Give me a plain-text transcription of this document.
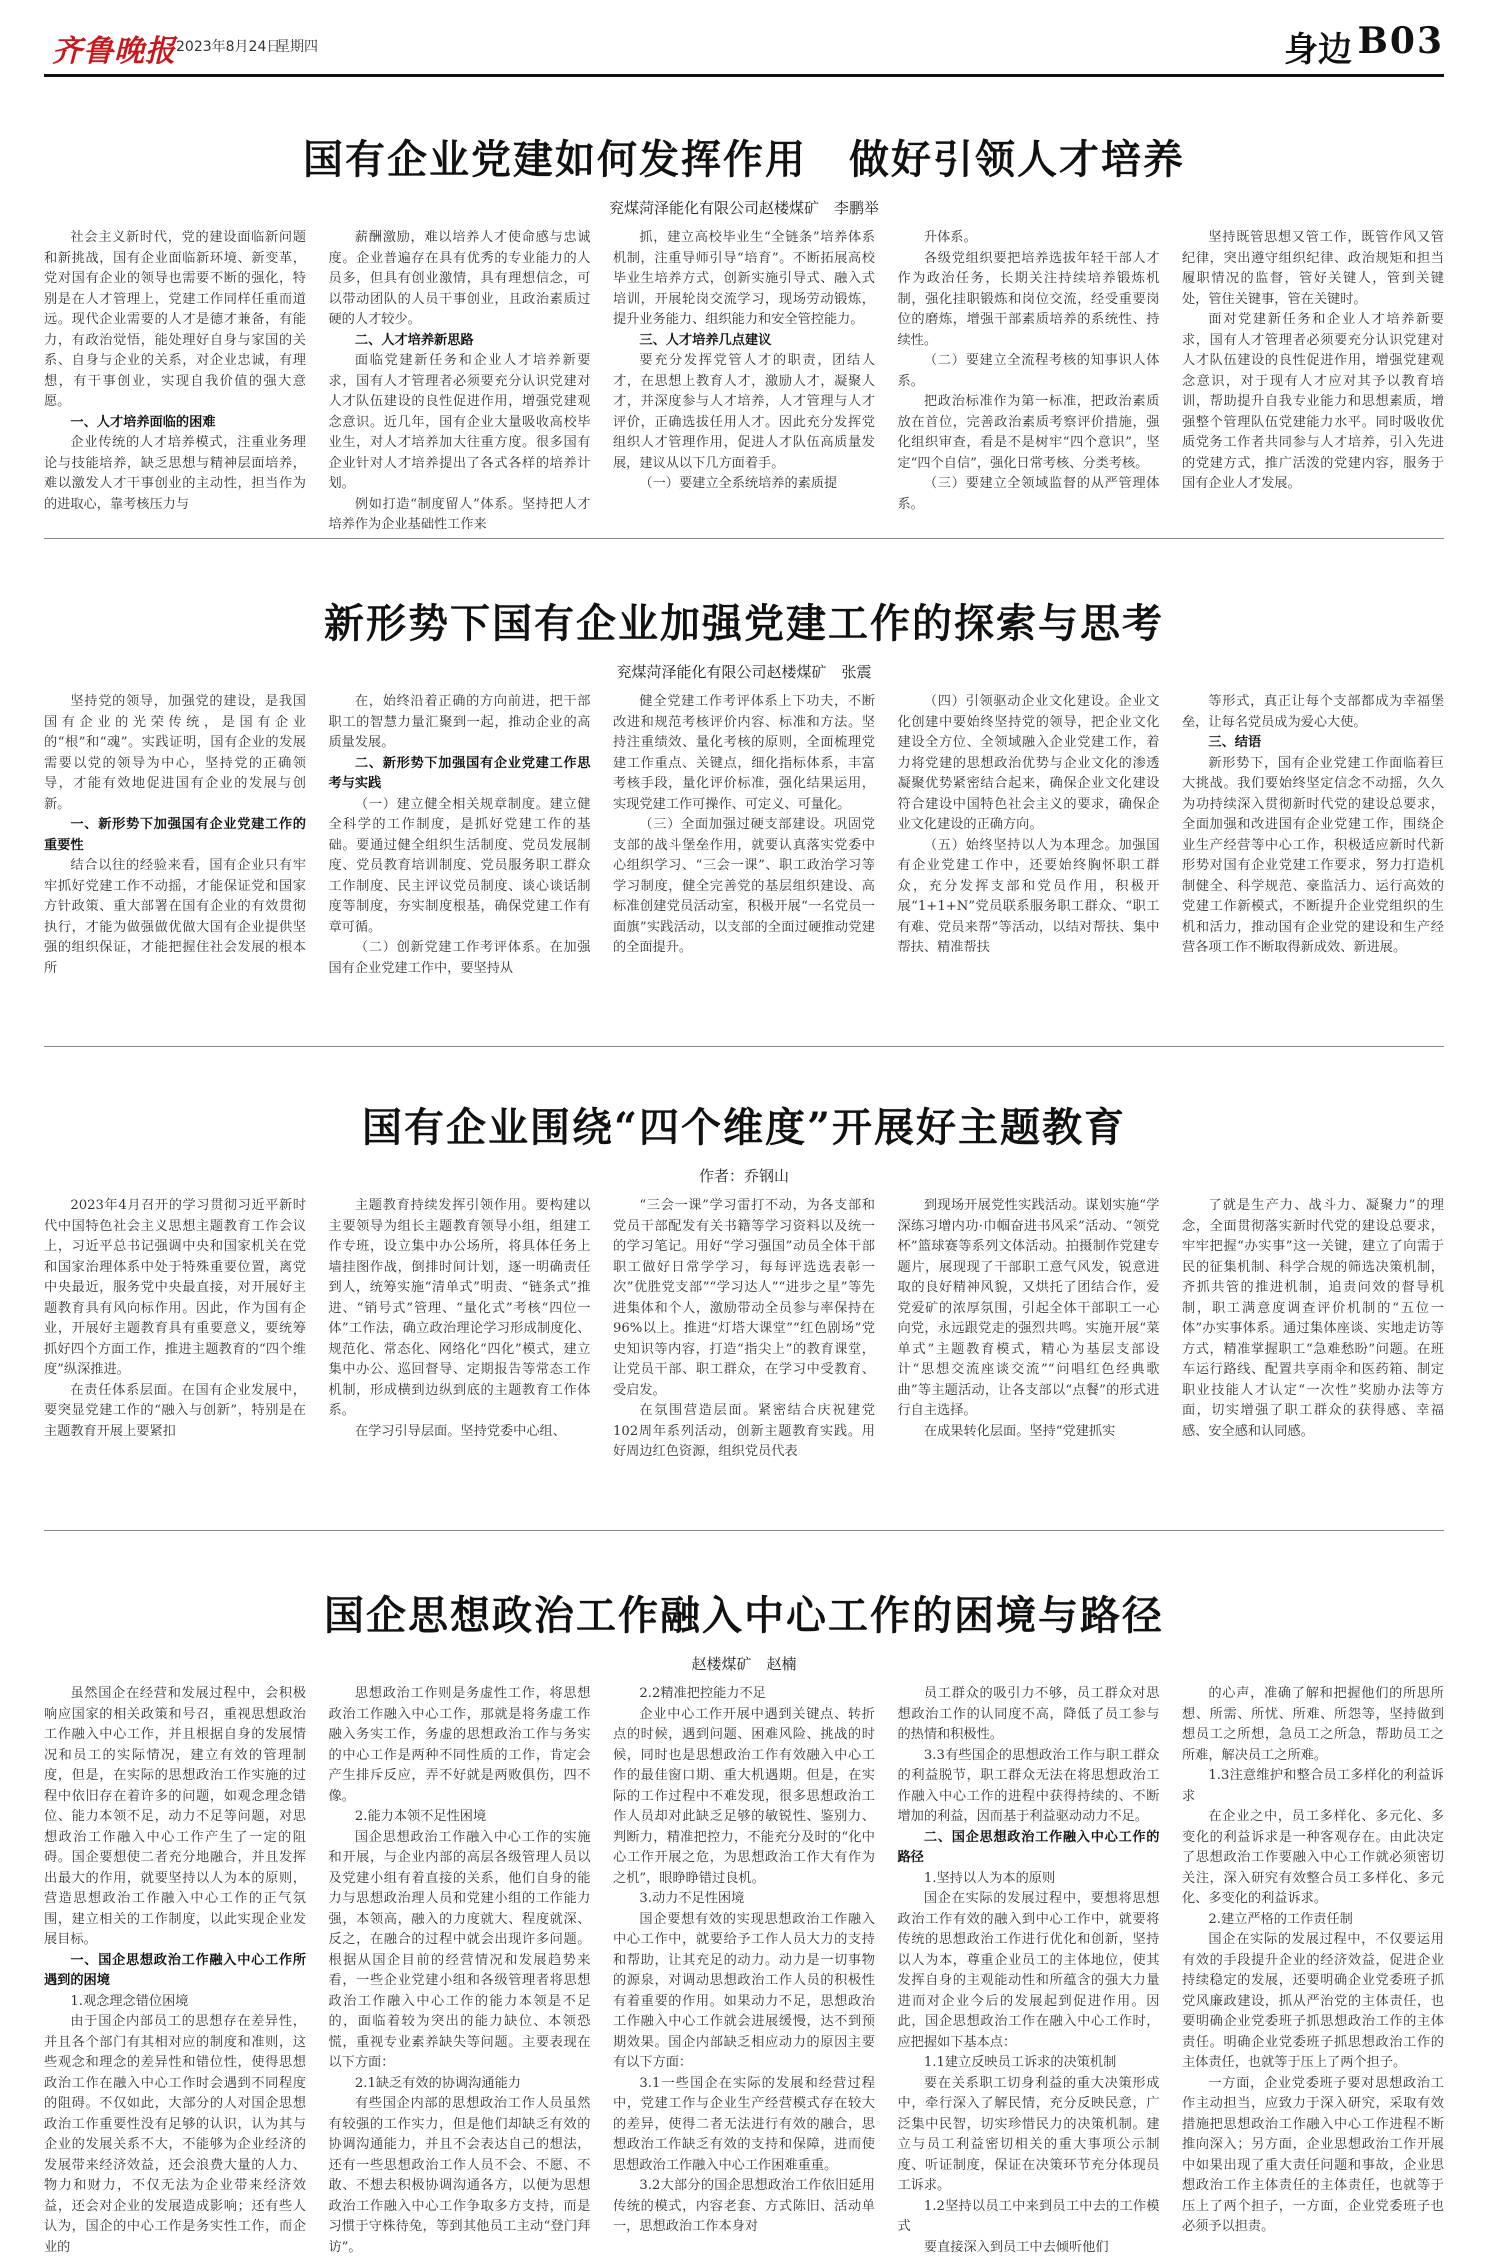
齐鲁晚报 2023年8月24日
星期四	身边 B03
国有企业党建如何发挥作用　做好引领人才培养
兖煤菏泽能化有限公司赵楼煤矿　李鹏举

社会主义新时代，党的建设面临新问题和新挑战，国有企业面临新环境、新变革，党对国有企业的领导也需要不断的强化，特别是在人才管理上，党建工作同样任重而道远。现代企业需要的人才是德才兼备，有能力，有政治觉悟，能处理好自身与家国的关系、自身与企业的关系，对企业忠诚，有理想，有干事创业，实现自我价值的强大意愿。

一、人才培养面临的困难

企业传统的人才培养模式，注重业务理论与技能培养，缺乏思想与精神层面培养，难以激发人才干事创业的主动性，担当作为的进取心，靠考核压力与

薪酬激励，难以培养人才使命感与忠诚度。企业普遍存在具有优秀的专业能力的人员多，但具有创业激情，具有理想信念，可以带动团队的人员干事创业，且政治素质过硬的人才较少。

二、人才培养新思路

面临党建新任务和企业人才培养新要求，国有人才管理者必须要充分认识党建对人才队伍建设的良性促进作用，增强党建观念意识。近几年，国有企业大量吸收高校毕业生，对人才培养加大往重方度。很多国有企业针对人才培养提出了各式各样的培养计划。

例如打造“制度留人”体系。坚持把人才培养作为企业基础性工作来

抓，建立高校毕业生“全链条”培养体系机制，注重导师引导“培育”。不断拓展高校毕业生培养方式，创新实施引导式、融入式培训，开展轮岗交流学习，现场劳动锻炼，提升业务能力、组织能力和安全管控能力。

三、人才培养几点建议

要充分发挥党管人才的职责，团结人才，在思想上教育人才，激励人才，凝聚人才，并深度参与人才培养，人才管理与人才评价，正确选拔任用人才。因此充分发挥党组织人才管理作用，促进人才队伍高质量发展，建议从以下几方面着手。

（一）要建立全系统培养的素质提

升体系。

各级党组织要把培养选拔年轻干部人才作为政治任务，长期关注持续培养锻炼机制，强化挂职锻炼和岗位交流，经受重要岗位的磨炼，增强干部素质培养的系统性、持续性。

（二）要建立全流程考核的知事识人体系。

把政治标准作为第一标准，把政治素质放在首位，完善政治素质考察评价措施，强化组织审查，看是不是树牢“四个意识”，坚定“四个自信”，强化日常考核、分类考核。

（三）要建立全领域监督的从严管理体系。

坚持既管思想又管工作，既管作风又管纪律，突出遵守组织纪律、政治规矩和担当履职情况的监督，管好关键人，管到关键处，管住关键事，管在关键时。

面对党建新任务和企业人才培养新要求，国有人才管理者必须要充分认识党建对人才队伍建设的良性促进作用，增强党建观念意识，对于现有人才应对其予以教育培训，帮助提升自我专业能力和思想素质，增强整个管理队伍党建能力水平。同时吸收优质党务工作者共同参与人才培养，引入先进的党建方式，推广活泼的党建内容，服务于国有企业人才发展。

新形势下国有企业加强党建工作的探索与思考
兖煤菏泽能化有限公司赵楼煤矿　张震

坚持党的领导，加强党的建设，是我国国有企业的光荣传统，是国有企业的“根”和“魂”。实践证明，国有企业的发展需要以党的领导为中心，坚持党的正确领导，才能有效地促进国有企业的发展与创新。

一、新形势下加强国有企业党建工作的重要性

结合以往的经验来看，国有企业只有牢牢抓好党建工作不动摇，才能保证党和国家方针政策、重大部署在国有企业的有效贯彻执行，才能为做强做优做大国有企业提供坚强的组织保证，才能把握住社会发展的根本所

在，始终沿着正确的方向前进，把干部职工的智慧力量汇聚到一起，推动企业的高质量发展。

二、新形势下加强国有企业党建工作思考与实践

（一）建立健全相关规章制度。建立健全科学的工作制度，是抓好党建工作的基础。要通过健全组织生活制度、党员发展制度、党员教育培训制度、党员服务职工群众工作制度、民主评议党员制度、谈心谈话制度等制度，夯实制度根基，确保党建工作有章可循。

（二）创新党建工作考评体系。在加强国有企业党建工作中，要坚持从

健全党建工作考评体系上下功夫，不断改进和规范考核评价内容、标准和方法。坚持注重绩效、量化考核的原则，全面梳理党建工作重点、关键点，细化指标体系，丰富考核手段，量化评价标准，强化结果运用，实现党建工作可操作、可定义、可量化。

（三）全面加强过硬支部建设。巩固党支部的战斗堡垒作用，就要认真落实党委中心组织学习、“三会一课”、职工政治学习等学习制度，健全完善党的基层组织建设、高标准创建党员活动室，积极开展“一名党员一面旗”实践活动，以支部的全面过硬推动党建的全面提升。

（四）引领驱动企业文化建设。企业文化创建中要始终坚持党的领导，把企业文化建设全方位、全领域融入企业党建工作，着力将党建的思想政治优势与企业文化的渗透凝聚优势紧密结合起来，确保企业文化建设符合建设中国特色社会主义的要求，确保企业文化建设的正确方向。

（五）始终坚持以人为本理念。加强国有企业党建工作中，还要始终胸怀职工群众，充分发挥支部和党员作用，积极开展“1+1+N”党员联系服务职工群众、“职工有难、党员来帮”等活动，以结对帮扶、集中帮扶、精准帮扶

等形式，真正让每个支部都成为幸福堡垒，让每名党员成为爱心大使。

三、结语

新形势下，国有企业党建工作面临着巨大挑战。我们要始终坚定信念不动摇，久久为功持续深入贯彻新时代党的建设总要求，全面加强和改进国有企业党建工作，围绕企业生产经营等中心工作，积极适应新时代新形势对国有企业党建工作要求，努力打造机制健全、科学规范、豪监活力、运行高效的党建工作新模式，不断提升企业党组织的生机和活力，推动国有企业党的建设和生产经营各项工作不断取得新成效、新进展。

国有企业围绕“四个维度”开展好主题教育
作者：乔钢山

2023年4月召开的学习贯彻习近平新时代中国特色社会主义思想主题教育工作会议上，习近平总书记强调中央和国家机关在党和国家治理体系中处于特殊重要位置，离党中央最近，服务党中央最直接，对开展好主题教育具有风向标作用。因此，作为国有企业，开展好主题教育具有重要意义，要统筹抓好四个方面工作，推进主题教育的“四个维度”纵深推进。

在责任体系层面。在国有企业发展中，要突显党建工作的“融入与创新”，特别是在主题教育开展上要紧扣

主题教育持续发挥引领作用。要构建以主要领导为组长主题教育领导小组，组建工作专班，设立集中办公场所，将具体任务上墙挂图作战，倒排时间计划，逐一明确责任到人，统筹实施“清单式”明责、“链条式”推进、“销号式”管理、“量化式”考核“四位一体”工作法，确立政治理论学习形成制度化、规范化、常态化、网络化“四化”模式，建立集中办公、巡回督导、定期报告等常态工作机制，形成横到边纵到底的主题教育工作体系。

在学习引导层面。坚持党委中心组、

“三会一课”学习雷打不动，为各支部和党员干部配发有关书籍等学习资料以及统一的学习笔记。用好“学习强国”动员全体干部职工做好日常学学习，每每评选选表彰一次”优胜党支部”“学习达人”“进步之星”等先进集体和个人，激励带动全员参与率保持在96%以上。推进“灯塔大课堂”“红色剧场”党史知识等内容，打造“指尖上”的教育课堂，让党员干部、职工群众，在学习中受教育、受启发。

在氛围营造层面。紧密结合庆祝建党102周年系列活动，创新主题教育实践。用好周边红色资源，组织党员代表

到现场开展党性实践活动。谋划实施“学深练习增内功·巾帼奋进书风采”活动、“领党杯”篮球赛等系列文体活动。拍摄制作党建专题片，展现现了干部职工意气风发，锐意进取的良好精神风貌，又烘托了团结合作，爱党爱矿的浓厚氛围，引起全体干部职工一心向党，永远跟党走的强烈共鸣。实施开展“菜单式”主题教育模式，精心为基层支部设计“思想交流座谈交流”“问唱红色经典歌曲”等主题活动，让各支部以“点餐”的形式进行自主选择。

在成果转化层面。坚持“党建抓实

了就是生产力、战斗力、凝聚力”的理念，全面贯彻落实新时代党的建设总要求，牢牢把握“办实事”这一关键，建立了向需于民的征集机制、科学合规的筛选决策机制，齐抓共管的推进机制，追责问效的督导机制，职工满意度调查评价机制的“五位一体”办实事体系。通过集体座谈、实地走访等方式，精准掌握职工“急难愁盼”问题。在班车运行路线、配置共享雨伞和医药箱、制定职业技能人才认定“一次性”奖励办法等方面，切实增强了职工群众的获得感、幸福感、安全感和认同感。

国企思想政治工作融入中心工作的困境与路径
赵楼煤矿　赵楠

虽然国企在经营和发展过程中，会积极响应国家的相关政策和号召，重视思想政治工作融入中心工作，并且根据自身的发展情况和员工的实际情况，建立有效的管理制度，但是，在实际的思想政治工作实施的过程中依旧存在着许多的问题，如观念理念错位、能力本领不足，动力不足等问题，对思想政治工作融入中心工作产生了一定的阻碍。国企要想使二者充分地融合，并且发挥出最大的作用，就要坚持以人为本的原则，营造思想政治工作融入中心工作的正气氛围，建立相关的工作制度，以此实现企业发展目标。

一、国企思想政治工作融入中心工作所遇到的困境

1.观念理念错位困境

由于国企内部员工的思想存在差异性，并且各个部门有其相对应的制度和准则，这些观念和理念的差异性和错位性，使得思想政治工作在融入中心工作时会遇到不同程度的阻碍。不仅如此，大部分的人对国企思想政治工作重要性没有足够的认识，认为其与企业的发展关系不大，不能够为企业经济的发展带来经济效益，还会浪费大量的人力、物力和财力，不仅无法为企业带来经济效益，还会对企业的发展造成影响；还有些人认为，国企的中心工作是务实性工作，而企业的

思想政治工作则是务虚性工作，将思想政治工作融入中心工作，那就是将务虚工作融入务实工作，务虚的思想政治工作与务实的中心工作是两种不同性质的工作，肯定会产生排斥反应，弄不好就是两败俱伤，四不像。

2.能力本领不足性困境

国企思想政治工作融入中心工作的实施和开展，与企业内部的高层各级管理人员以及党建小组有着直接的关系，他们自身的能力与思想政治理人员和党建小组的工作能力强，本领高，融入的力度就大、程度就深、反之，在融合的过程中就会出现许多问题。根据从国企目前的经营情况和发展趋势来看，一些企业党建小组和各级管理者将思想政治工作融入中心工作的能力本领是不足的，面临着较为突出的能力缺位、本领恐慌，重视专业素养缺失等问题。主要表现在以下方面：

2.1缺乏有效的协调沟通能力

有些国企内部的思想政治工作人员虽然有较强的工作实力，但是他们却缺乏有效的协调沟通能力，并且不会表达自己的想法，还有一些思想政治工作人员不会、不愿、不敢、不想去积极协调沟通各方，以便为思想政治工作融入中心工作争取多方支持，而是习惯于守株待兔，等到其他员工主动“登门拜访”。

2.2精准把控能力不足

企业中心工作开展中遇到关键点、转折点的时候，遇到问题、困难风险、挑战的时候，同时也是思想政治工作有效融入中心工作的最佳窗口期、重大机遇期。但是，在实际的工作过程中不难发现，很多思想政治工作人员却对此缺乏足够的敏锐性、鉴别力、判断力，精准把控力，不能充分及时的“化中心工作开展之危，为思想政治工作大有作为之机”，眼睁睁错过良机。

3.动力不足性困境

国企要想有效的实现思想政治工作融入中心工作中，就要给予工作人员大力的支持和帮助，让其充足的动力。动力是一切事物的源泉，对调动思想政治工作人员的积极性有着重要的作用。如果动力不足，思想政治工作融入中心工作就会进展缓慢，达不到预期效果。国企内部缺乏相应动力的原因主要有以下方面：

3.1一些国企在实际的发展和经营过程中，党建工作与企业生产经营模式存在较大的差异，使得二者无法进行有效的融合，思想政治工作缺乏有效的支持和保障，进而使思想政治工作融入中心工作困难重重。

3.2大部分的国企思想政治工作依旧延用传统的模式，内容老套、方式陈旧、活动单一，思想政治工作本身对

员工群众的吸引力不够，员工群众对思想政治工作的认同度不高，降低了员工参与的热情和积极性。

3.3有些国企的思想政治工作与职工群众的利益脱节，职工群众无法在将思想政治工作融入中心工作的进程中获得持续的、不断增加的利益，因而基于利益驱动动力不足。

二、国企思想政治工作融入中心工作的路径

1.坚持以人为本的原则

国企在实际的发展过程中，要想将思想政治工作有效的融入到中心工作中，就要将传统的思想政治工作进行优化和创新，坚持以人为本，尊重企业员工的主体地位，使其发挥自身的主观能动性和所蕴含的强大力量进而对企业今后的发展起到促进作用。因此，国企思想政治工作在融入中心工作时，应把握如下基本点：

1.1建立反映员工诉求的决策机制

要在关系职工切身利益的重大决策形成中，牵行深入了解民情，充分反映民意，广泛集中民智，切实珍惜民力的决策机制。建立与员工利益密切相关的重大事项公示制度、听证制度，保证在决策环节充分体现员工诉求。

1.2坚持以员工中来到员工中去的工作模式

要直接深入到员工中去倾听他们

的心声，准确了解和把握他们的所思所想、所需、所忧、所难、所怨等，坚持做到想员工之所想，急员工之所急，帮助员工之所难，解决员工之所难。

1.3注意维护和整合员工多样化的利益诉求

在企业之中，员工多样化、多元化、多变化的利益诉求是一种客观存在。由此决定了思想政治工作要融入中心工作就必须密切关注，深入研究有效整合员工多样化、多元化、多变化的利益诉求。

2.建立严格的工作责任制

国企在实际的发展过程中，不仅要运用有效的手段提升企业的经济效益，促进企业持续稳定的发展，还要明确企业党委班子抓党风廉政建设，抓从严治党的主体责任，也要明确企业党委班子抓思想政治工作的主体责任。明确企业党委班子抓思想政治工作的主体责任，也就等于压上了两个担子。

一方面，企业党委班子要对思想政治工作主动担当，应致力于深入研究，采取有效措施把思想政治工作融入中心工作进程不断推向深入；另方面，企业思想政治工作开展中如果出现了重大责任问题和事故，企业思想政治工作主体责任的主体责任，也就等于压上了两个担子，一方面，企业党委班子也必须予以担责。
